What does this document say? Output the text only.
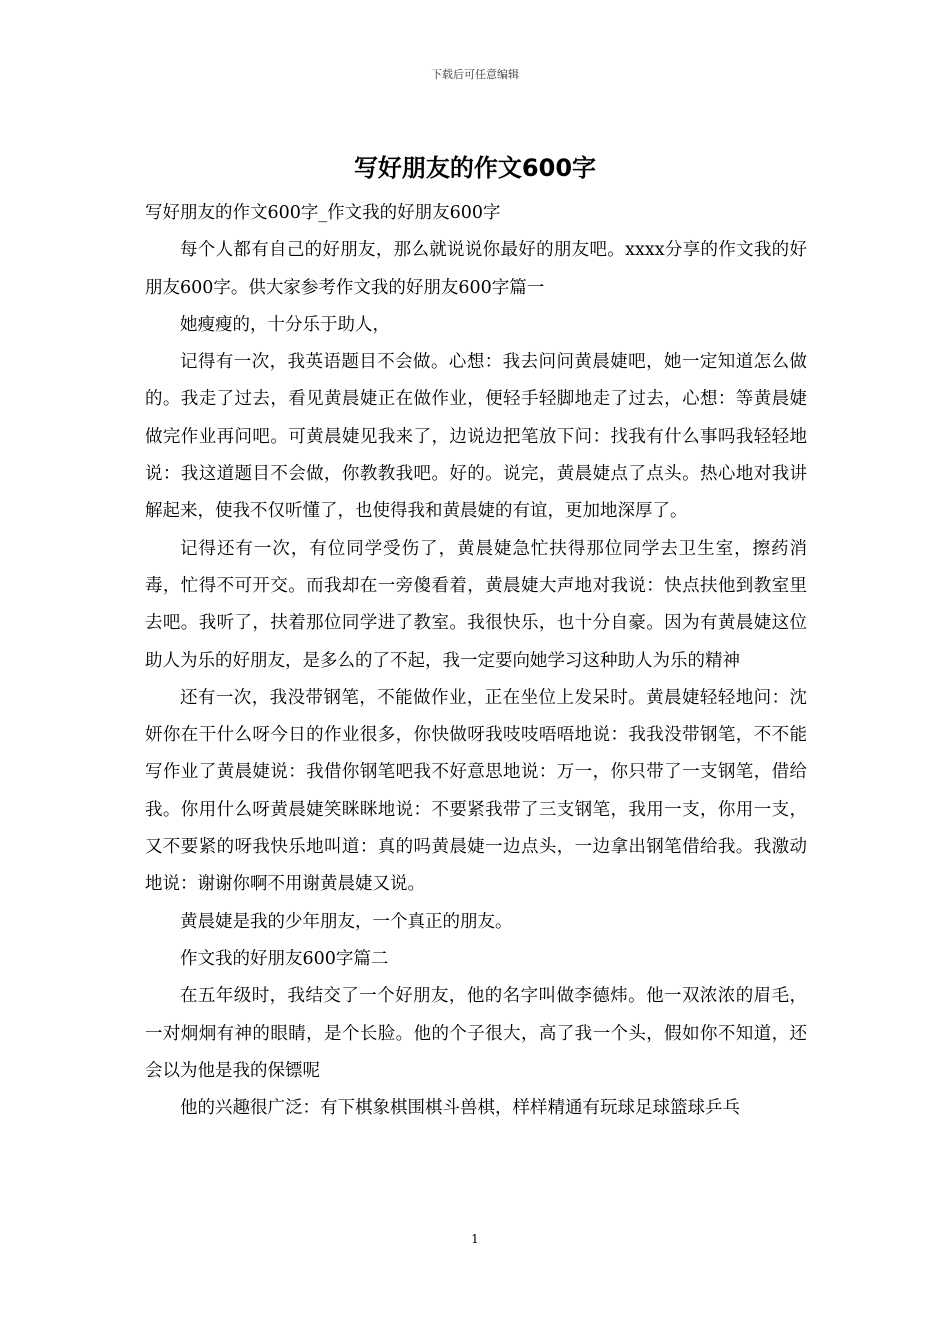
下载后可任意编辑
写好朋友的作文600字

写好朋友的作文600字_作文我的好朋友600字

每个人都有自己的好朋友，那么就说说你最好的朋友吧。xxxx分享的作文我的好朋友600字。供大家参考作文我的好朋友600字篇一

她瘦瘦的，十分乐于助人，

记得有一次，我英语题目不会做。心想：我去问问黄晨婕吧，她一定知道怎么做的。我走了过去，看见黄晨婕正在做作业，便轻手轻脚地走了过去，心想：等黄晨婕做完作业再问吧。可黄晨婕见我来了，边说边把笔放下问：找我有什么事吗我轻轻地说：我这道题目不会做，你教教我吧。好的。说完，黄晨婕点了点头。热心地对我讲解起来，使我不仅听懂了，也使得我和黄晨婕的有谊，更加地深厚了。

记得还有一次，有位同学受伤了，黄晨婕急忙扶得那位同学去卫生室，擦药消毒，忙得不可开交。而我却在一旁傻看着，黄晨婕大声地对我说：快点扶他到教室里去吧。我听了，扶着那位同学进了教室。我很快乐，也十分自豪。因为有黄晨婕这位助人为乐的好朋友，是多么的了不起，我一定要向她学习这种助人为乐的精神

还有一次，我没带钢笔，不能做作业，正在坐位上发呆时。黄晨婕轻轻地问：沈妍你在干什么呀今日的作业很多，你快做呀我吱吱唔唔地说：我我没带钢笔，不不能写作业了黄晨婕说：我借你钢笔吧我不好意思地说：万一，你只带了一支钢笔，借给我。你用什么呀黄晨婕笑眯眯地说：不要紧我带了三支钢笔，我用一支，你用一支，又不要紧的呀我快乐地叫道：真的吗黄晨婕一边点头，一边拿出钢笔借给我。我激动地说：谢谢你啊不用谢黄晨婕又说。

黄晨婕是我的少年朋友，一个真正的朋友。

作文我的好朋友600字篇二

在五年级时，我结交了一个好朋友，他的名字叫做李德炜。他一双浓浓的眉毛，一对炯炯有神的眼睛，是个长脸。他的个子很大，高了我一个头，假如你不知道，还会以为他是我的保镖呢

他的兴趣很广泛：有下棋象棋围棋斗兽棋，样样精通有玩球足球篮球乒乓

1
